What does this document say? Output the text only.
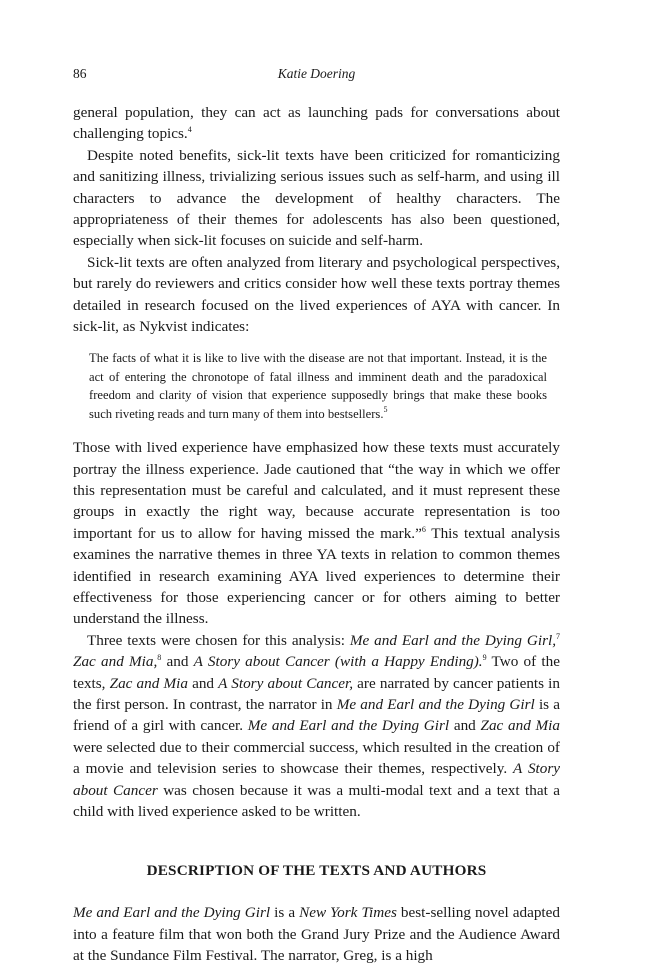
86	Katie Doering

general population, they can act as launching pads for conversations about challenging topics.$^4$

Despite noted benefits, sick-lit texts have been criticized for romanticizing and sanitizing illness, trivializing serious issues such as self-harm, and using ill characters to advance the development of healthy characters. The appropriateness of their themes for adolescents has also been questioned, especially when sick-lit focuses on suicide and self-harm.

Sick-lit texts are often analyzed from literary and psychological perspectives, but rarely do reviewers and critics consider how well these texts portray themes detailed in research focused on the lived experiences of AYA with cancer. In sick-lit, as Nykvist indicates:

The facts of what it is like to live with the disease are not that important. Instead, it is the act of entering the chronotope of fatal illness and imminent death and the paradoxical freedom and clarity of vision that experience supposedly brings that make these books such riveting reads and turn many of them into bestsellers.$^5$

Those with lived experience have emphasized how these texts must accurately portray the illness experience. Jade cautioned that “the way in which we offer this representation must be careful and calculated, and it must represent these groups in exactly the right way, because accurate representation is too important for us to allow for having missed the mark.”$^6$ This textual analysis examines the narrative themes in three YA texts in relation to common themes identified in research examining AYA lived experiences to determine their effectiveness for those experiencing cancer or for others aiming to better understand the illness.

Three texts were chosen for this analysis: Me and Earl and the Dying Girl,$^7$ Zac and Mia,$^8$ and A Story about Cancer (with a Happy Ending).$^9$ Two of the texts, Zac and Mia and A Story about Cancer, are narrated by cancer patients in the first person. In contrast, the narrator in Me and Earl and the Dying Girl is a friend of a girl with cancer. Me and Earl and the Dying Girl and Zac and Mia were selected due to their commercial success, which resulted in the creation of a movie and television series to showcase their themes, respectively. A Story about Cancer was chosen because it was a multi-modal text and a text that a child with lived experience asked to be written.

DESCRIPTION OF THE TEXTS AND AUTHORS

Me and Earl and the Dying Girl is a New York Times best-selling novel adapted into a feature film that won both the Grand Jury Prize and the Audience Award at the Sundance Film Festival. The narrator, Greg, is a high
